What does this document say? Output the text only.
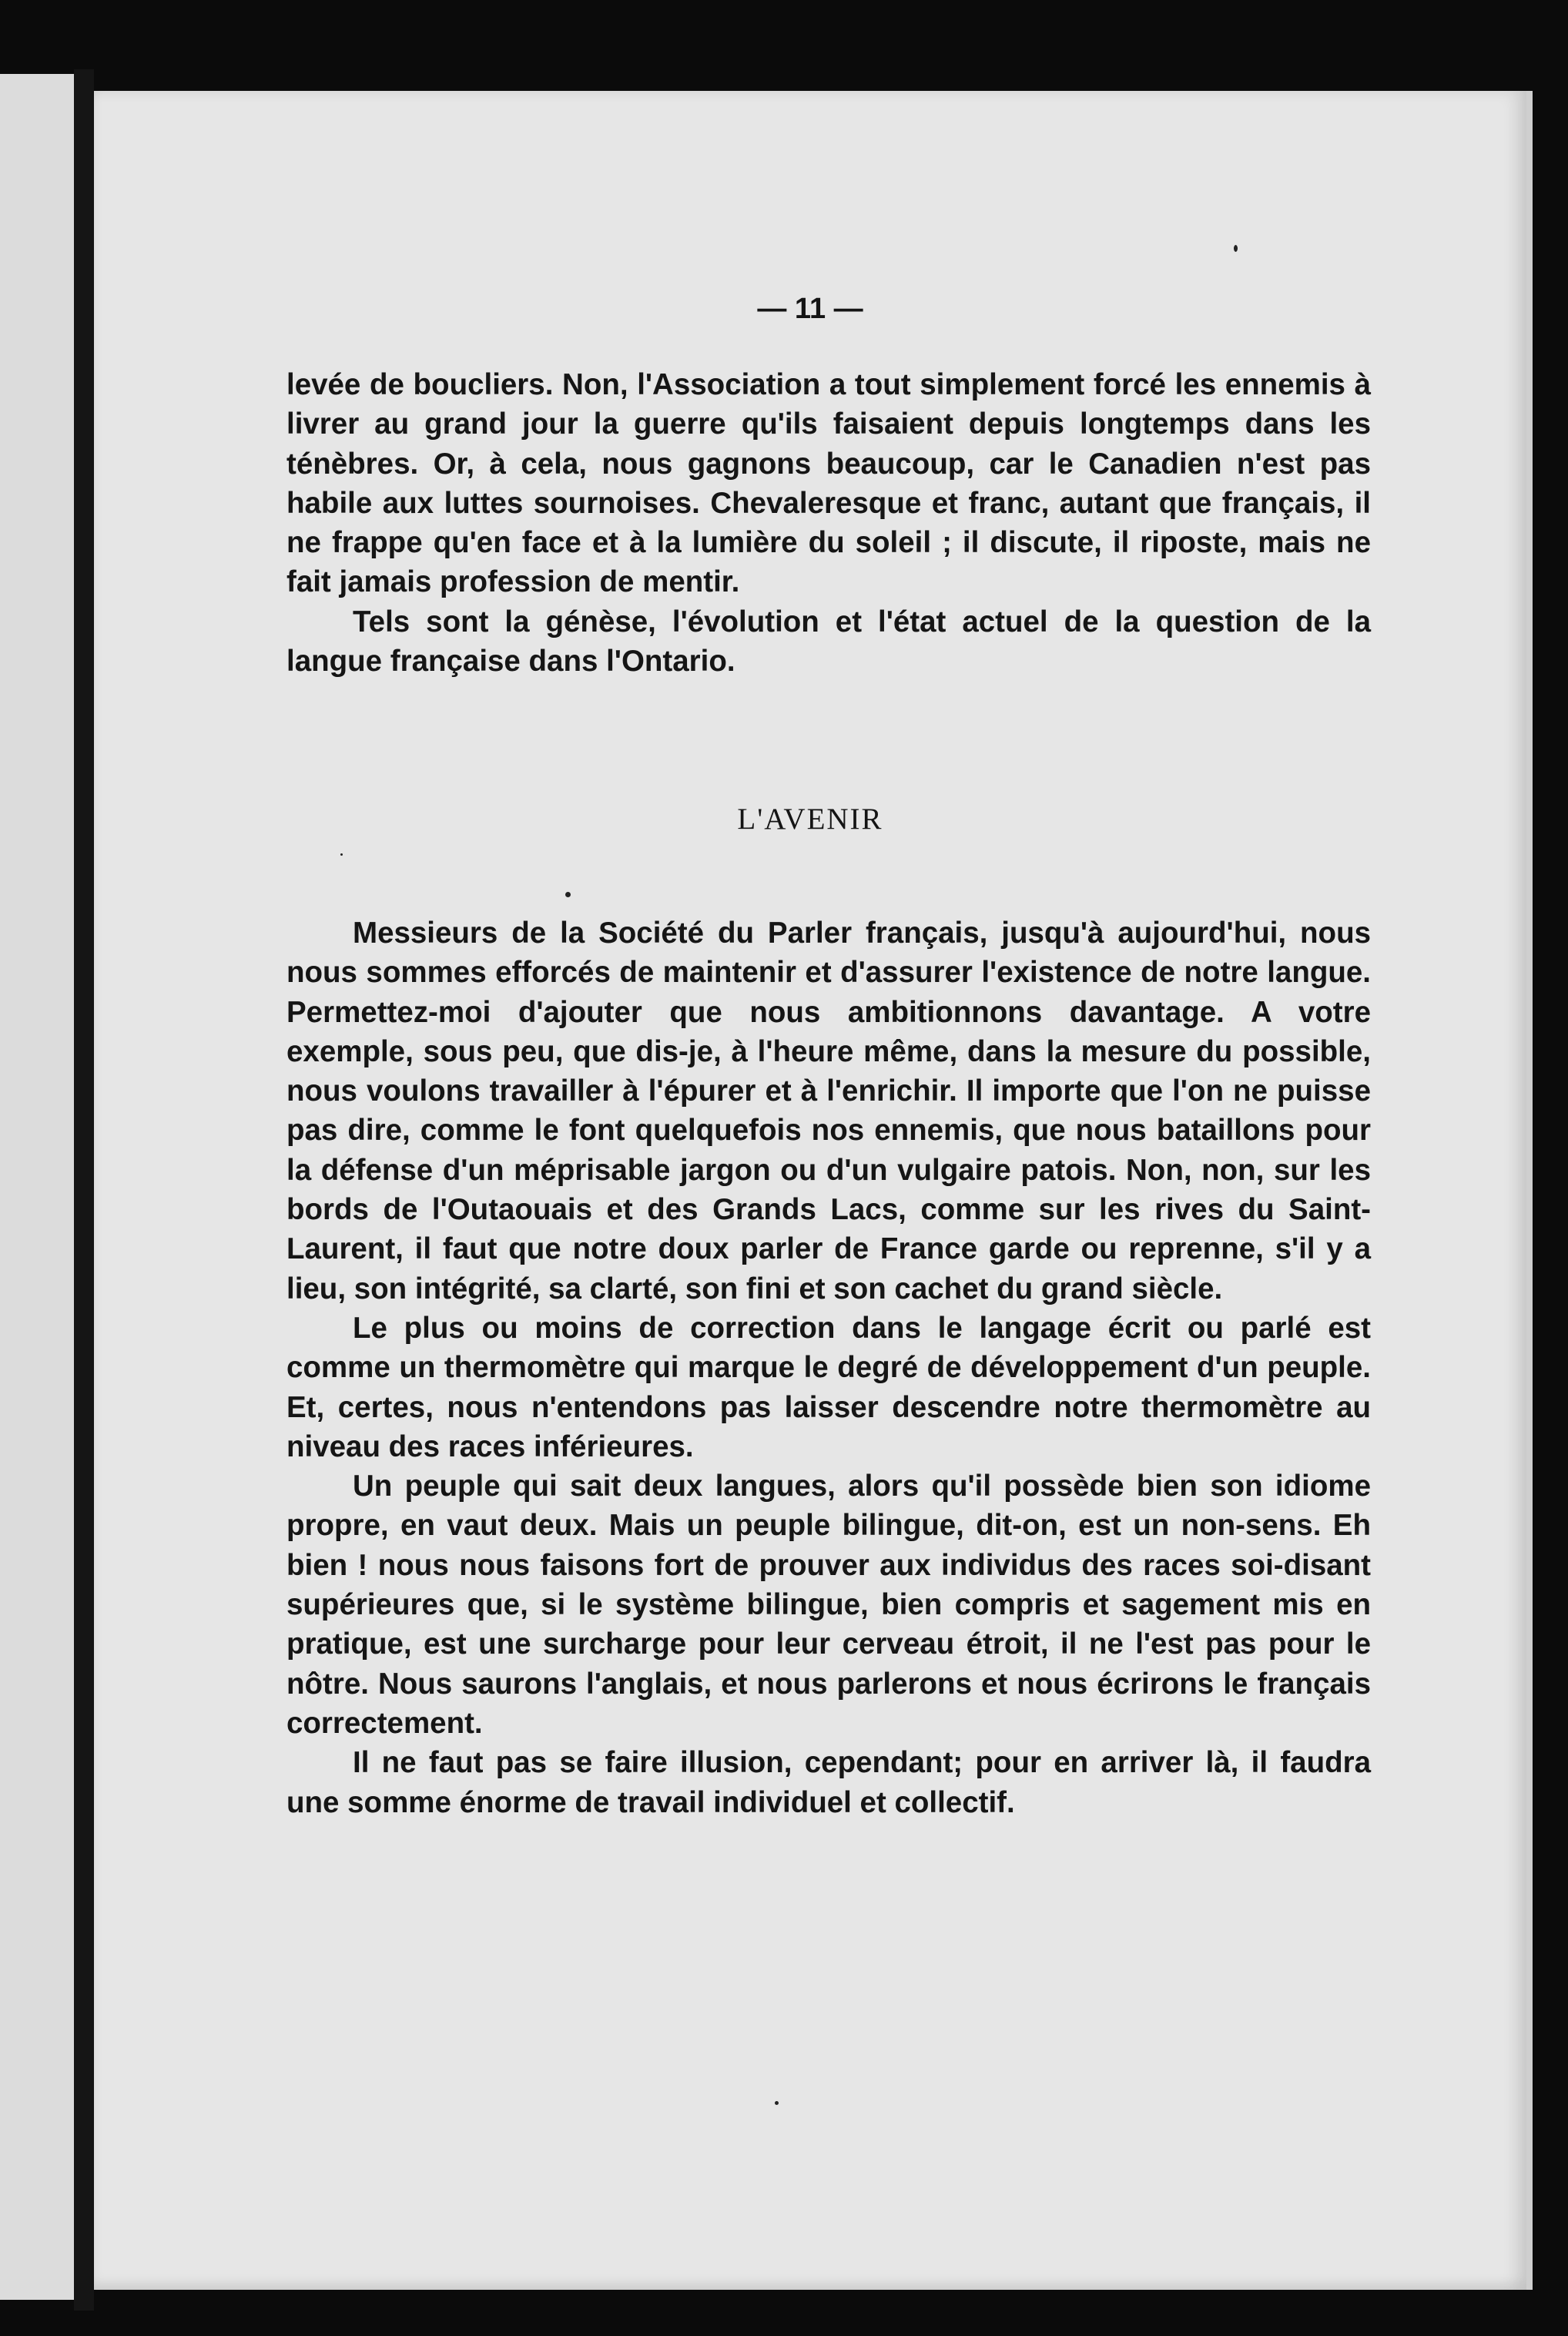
— 11 —

levée de boucliers. Non, l'Association a tout simplement forcé les ennemis à livrer au grand jour la guerre qu'ils faisaient depuis longtemps dans les ténèbres. Or, à cela, nous gagnons beaucoup, car le Canadien n'est pas habile aux luttes sournoises. Chevaleresque et franc, autant que français, il ne frappe qu'en face et à la lumière du soleil ; il discute, il riposte, mais ne fait jamais profession de mentir.

Tels sont la génèse, l'évolution et l'état actuel de la question de la langue française dans l'Ontario.

L'AVENIR

Messieurs de la Société du Parler français, jusqu'à aujourd'hui, nous nous sommes efforcés de maintenir et d'assurer l'existence de notre langue. Permettez-moi d'ajouter que nous ambitionnons davantage. A votre exemple, sous peu, que dis-je, à l'heure même, dans la mesure du possible, nous voulons travailler à l'épurer et à l'enrichir. Il importe que l'on ne puisse pas dire, comme le font quelquefois nos ennemis, que nous bataillons pour la défense d'un méprisable jargon ou d'un vulgaire patois. Non, non, sur les bords de l'Outaouais et des Grands Lacs, comme sur les rives du Saint-Laurent, il faut que notre doux parler de France garde ou reprenne, s'il y a lieu, son intégrité, sa clarté, son fini et son cachet du grand siècle.

Le plus ou moins de correction dans le langage écrit ou parlé est comme un thermomètre qui marque le degré de développement d'un peuple. Et, certes, nous n'entendons pas laisser descendre notre thermomètre au niveau des races inférieures.

Un peuple qui sait deux langues, alors qu'il possède bien son idiome propre, en vaut deux. Mais un peuple bilingue, dit-on, est un non-sens. Eh bien ! nous nous faisons fort de prouver aux individus des races soi-disant supérieures que, si le système bilingue, bien compris et sagement mis en pratique, est une surcharge pour leur cerveau étroit, il ne l'est pas pour le nôtre. Nous saurons l'anglais, et nous parlerons et nous écrirons le français correctement.

Il ne faut pas se faire illusion, cependant; pour en arriver là, il faudra une somme énorme de travail individuel et collectif.
